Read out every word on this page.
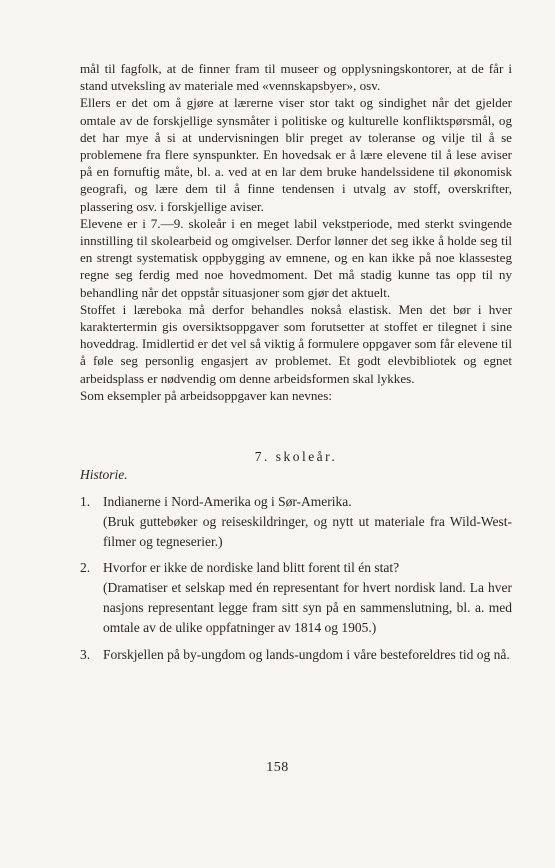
mål til fagfolk, at de finner fram til museer og opplysningskontorer, at de får i stand utveksling av materiale med «vennskapsbyer», osv.

Ellers er det om å gjøre at lærerne viser stor takt og sindighet når det gjelder omtale av de forskjellige synsmåter i politiske og kulturelle konfliktspørsmål, og det har mye å si at undervisningen blir preget av toleranse og vilje til å se problemene fra flere synspunkter. En hovedsak er å lære elevene til å lese aviser på en fornuftig måte, bl. a. ved at en lar dem bruke handelssidene til økonomisk geografi, og lære dem til å finne tendensen i utvalg av stoff, overskrifter, plassering osv. i forskjellige aviser.

Elevene er i 7.—9. skoleår i en meget labil vekstperiode, med sterkt svingende innstilling til skolearbeid og omgivelser. Derfor lønner det seg ikke å holde seg til en strengt systematisk oppbygging av emnene, og en kan ikke på noe klassesteg regne seg ferdig med noe hovedmoment. Det må stadig kunne tas opp til ny behandling når det oppstår situasjoner som gjør det aktuelt.

Stoffet i læreboka må derfor behandles nokså elastisk. Men det bør i hver karaktertermin gis oversiktsoppgaver som forutsetter at stoffet er tilegnet i sine hoveddrag. Imidlertid er det vel så viktig å formulere oppgaver som får elevene til å føle seg personlig engasjert av problemet. Et godt elevbibliotek og egnet arbeidsplass er nødvendig om denne arbeidsformen skal lykkes.

Som eksempler på arbeidsoppgaver kan nevnes:

7. skoleår.
Historie.
1. Indianerne i Nord-Amerika og i Sør-Amerika.
(Bruk guttebøker og reiseskildringer, og nytt ut materiale fra Wild-West-filmer og tegneserier.)
2. Hvorfor er ikke de nordiske land blitt forent til én stat?
(Dramatiser et selskap med én representant for hvert nordisk land. La hver nasjons representant legge fram sitt syn på en sammenslutning, bl. a. med omtale av de ulike oppfatninger av 1814 og 1905.)
3. Forskjellen på by-ungdom og lands-ungdom i våre besteforeldres tid og nå.
158
